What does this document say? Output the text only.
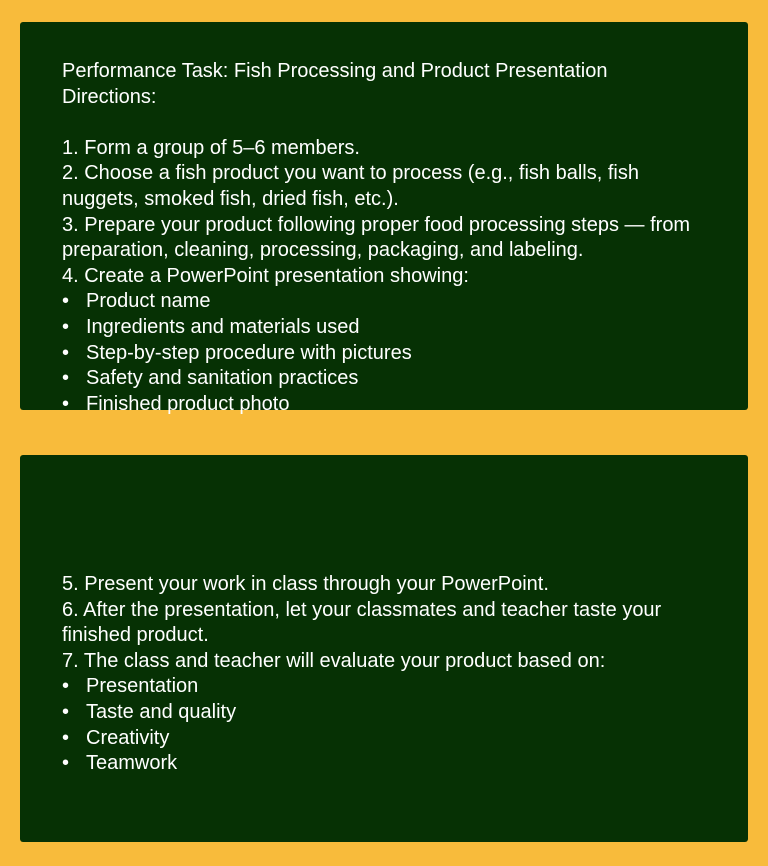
Performance Task: Fish Processing and Product Presentation

Directions:

1. Form a group of 5–6 members.

2. Choose a fish product you want to process (e.g., fish balls, fish nuggets, smoked fish, dried fish, etc.).

3. Prepare your product following proper food processing steps — from preparation, cleaning, processing, packaging, and labeling.

4. Create a PowerPoint presentation showing:

• Product name
• Ingredients and materials used
• Step-by-step procedure with pictures
• Safety and sanitation practices
• Finished product photo

5. Present your work in class through your PowerPoint.

6. After the presentation, let your classmates and teacher taste your finished product.

7. The class and teacher will evaluate your product based on:

• Presentation
• Taste and quality
• Creativity
• Teamwork
